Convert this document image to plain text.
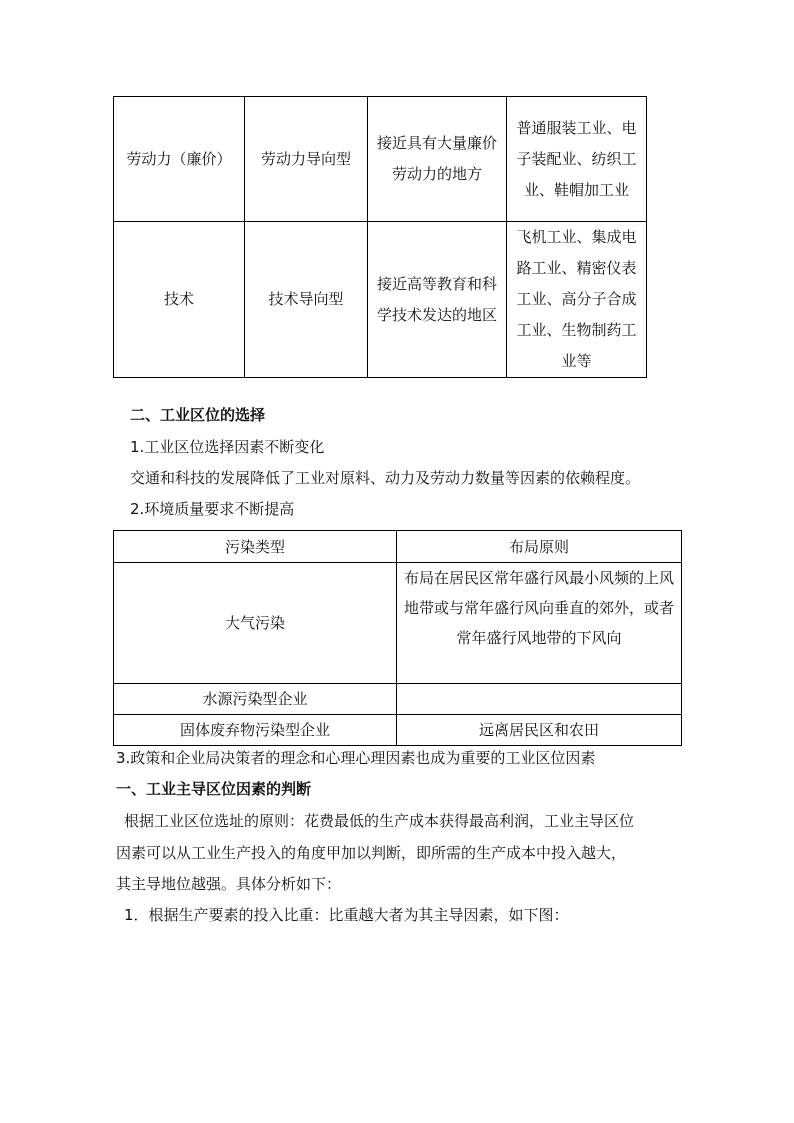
劳动力（廉价）	劳动力导向型	接近具有大量廉价劳动力的地方	普通服装工业、电子装配业、纺织工业、鞋帽加工业
技术	技术导向型	接近高等教育和科学技术发达的地区	飞机工业、集成电路工业、精密仪表工业、高分子合成工业、生物制药工业等
二、工业区位的选择
1.工业区位选择因素不断变化
交通和科技的发展降低了工业对原料、动力及劳动力数量等因素的依赖程度。
2.环境质量要求不断提高
污染类型	布局原则
大气污染	布局在居民区常年盛行风最小风频的上风地带或与常年盛行风向垂直的郊外，或者常年盛行风地带的下风向
水源污染型企业	
固体废弃物污染型企业	远离居民区和农田
3.政策和企业局决策者的理念和心理心理因素也成为重要的工业区位因素
一、工业主导区位因素的判断
根据工业区位选址的原则：花费最低的生产成本获得最高利润，工业主导区位
因素可以从工业生产投入的角度甲加以判断，即所需的生产成本中投入越大，
其主导地位越强。具体分析如下：
1．根据生产要素的投入比重：比重越大者为其主导因素，如下图：
